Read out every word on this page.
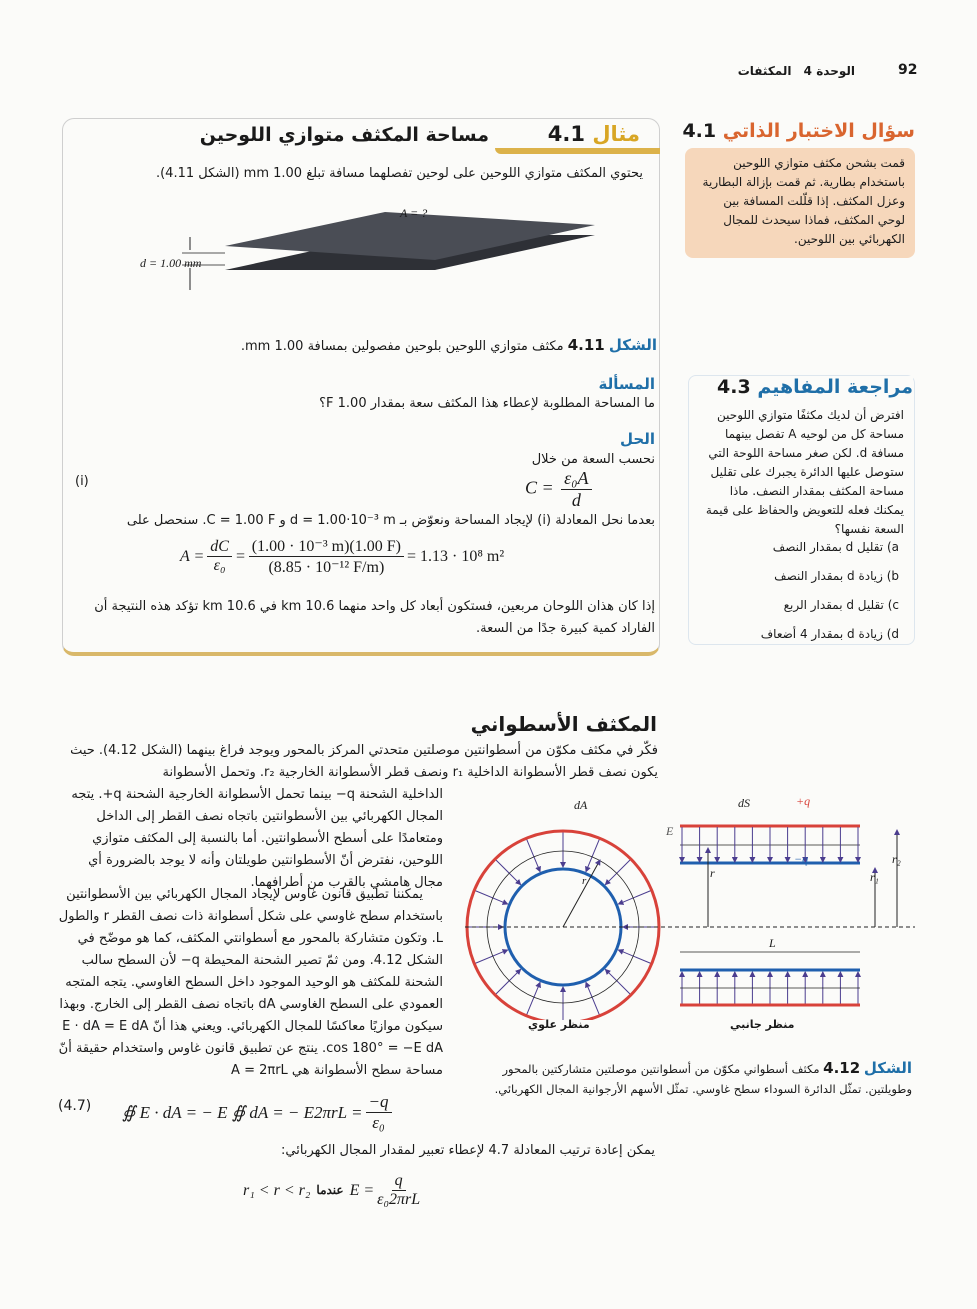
92
الوحدة 4 المكثفات
مثال 4.1
مساحة المكثف متوازي اللوحين
يحتوي المكثف متوازي اللوحين على لوحين تفصلهما مسافة تبلغ 1.00 mm (الشكل 4.11).
A = ?
d = 1.00 mm
الشكل 4.11 مكثف متوازي اللوحين بلوحين مفصولين بمسافة 1.00 mm.
المسألة
ما المساحة المطلوبة لإعطاء هذا المكثف سعة بمقدار 1.00 F؟
الحل
نحسب السعة من خلال
$C = \frac{\text{ε₀A}}{d}$
(i)
بعدما نحل المعادلة (i) لإيجاد المساحة ونعوّض بـ d = 1.00·10⁻³ m و C = 1.00 F. سنحصل على
$A = \frac{dC}{\text{ε₀}} = \frac{\text{(1.00 · 10⁻³ m)(1.00 F)}}{\text{(8.85 · 10⁻¹² F/m)}} = 1.13 \cdot 10^8$ m²
إذا كان هذان اللوحان مربعين، فستكون أبعاد كل واحد منهما 10.6 km في 10.6 km تؤكد هذه النتيجة أن الفاراد كمية كبيرة جدًا من السعة.
سؤال الاختبار الذاتي 4.1
قمت بشحن مكثف متوازي اللوحين باستخدام بطارية. ثم قمت بإزالة البطارية وعزل المكثف. إذا قلّلت المسافة بين لوحي المكثف، فماذا سيحدث للمجال الكهربائي بين اللوحين.
مراجعة المفاهيم 4.3
افترض أن لديك مكثفًا متوازي اللوحين مساحة كل من لوحيه A تفصل بينهما مسافة d. لكن صغر مساحة اللوحة التي ستوصل عليها الدائرة يجبرك على تقليل مساحة المكثف بمقدار النصف. ماذا يمكنك فعله للتعويض والحفاظ على قيمة السعة نفسها؟
a) تقليل d بمقدار النصف
b) زيادة d بمقدار النصف
c) تقليل d بمقدار الربع
d) زيادة d بمقدار 4 أضعاف
المكثف الأسطواني
فكّر في مكثف مكوّن من أسطوانتين موصلتين متحدتي المركز بالمحور ويوجد فراغ بينهما (الشكل 4.12). حيث يكون نصف قطر الأسطوانة الداخلية r₁ ونصف قطر الأسطوانة الخارجية r₂. وتحمل الأسطوانة
الداخلية الشحنة q− بينما تحمل الأسطوانة الخارجية الشحنة q+. يتجه المجال الكهربائي بين الأسطوانتين باتجاه نصف القطر إلى الداخل ومتعامدًا على أسطح الأسطوانتين. أما بالنسبة إلى المكثف متوازي اللوحين، نفترض أنّ الأسطوانتين طويلتان وأنه لا يوجد بالضرورة أي مجال هامشي بالقرب من أطرافهما.
يمكننا تطبيق قانون غاوس لإيجاد المجال الكهربائي بين الأسطوانتين باستخدام سطح غاوسي على شكل أسطوانة ذات نصف القطر r والطول L. وتكون متشاركة بالمحور مع أسطوانتي المكثف، كما هو موضّح في الشكل 4.12. ومن ثمّ تصير الشحنة المحيطة q− لأن السطح سالب الشحنة للمكثف هو الوحيد الموجود داخل السطح الغاوسي. يتجه المتجه العمودي على السطح الغاوسي dA باتجاه نصف القطر إلى الخارج. وبهذا سيكون موازيًا معاكسًا للمجال الكهربائي. ويعني هذا أنّ E · dA = E dA cos 180° = −E dA. ينتج عن تطبيق قانون غاوس واستخدام حقيقة أنّ مساحة سطح الأسطوانة هي A = 2πrL
(4.7) ∯ E · dA = − E ∯ dA = − $E2\pi rL = \frac{-q}{\text{ε₀}}$
يمكن إعادة ترتيب المعادلة 4.7 لإعطاء تعبير لمقدار المجال الكهربائي:
r₁ < r < r₂ عندما $E = \frac{q}{\text{ε₀2πrL}}$
dA	dS	+q
E
−q
r
r	r₁
r₂
L
منظر علوي	منظر جانبي
الشكل 4.12 مكثف أسطواني مكوّن من أسطوانتين موصلتين متشاركتين بالمحور وطويلتين. تمثّل الدائرة السوداء سطح غاوسي. تمثّل الأسهم الأرجوانية المجال الكهربائي.
